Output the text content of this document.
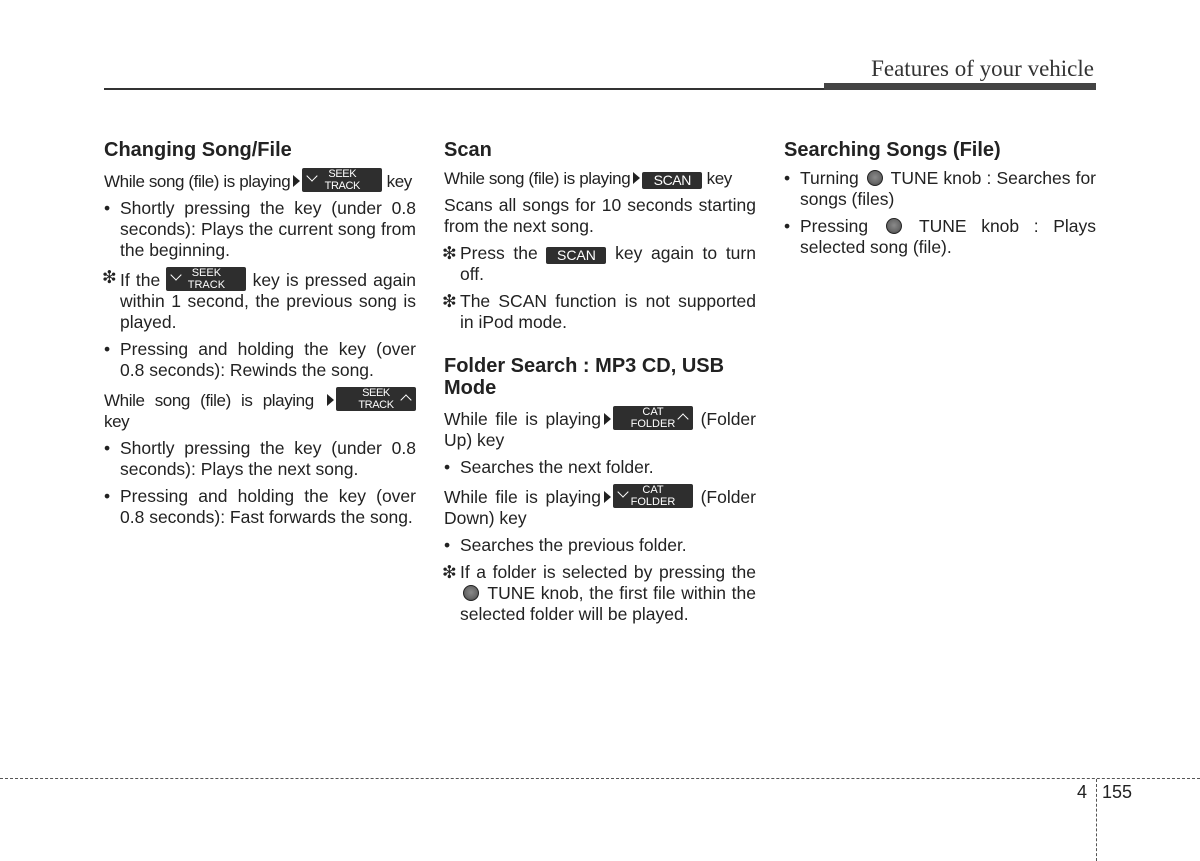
Features of your vehicle
Changing Song/File

While song (file) is playing	SEEK
TRACK	key

• Shortly pressing the key (under 0.8 seconds): Plays the current song from the beginning.
❇ If the	SEEK
TRACK	key is pressed again within 1 second, the previous song is played.
• Pressing and holding the key (over 0.8 seconds): Rewinds the song.

While song (file) is playing	SEEK
TRACK
key

• Shortly pressing the key (under 0.8 seconds): Plays the next song.
• Pressing and holding the key (over 0.8 seconds): Fast forwards the song.
Scan

While song (file) is playing SCAN key

Scans all songs for 10 seconds starting from the next song.

❇ Press the SCAN key again to turn off.
❇ The SCAN function is not supported in iPod mode.
Folder Search : MP3 CD, USB Mode

While file is playing	CAT
FOLDER	(Folder Up) key

• Searches the next folder.

While file is playing	CAT
FOLDER	(Folder Down) key

• Searches the previous folder.
❇ If a folder is selected by pressing the  TUNE knob, the first file within the selected folder will be played.
Searching Songs (File)
• Turning TUNE knob : Searches for songs (files)
• Pressing	TUNE knob : Plays selected song (file).
4 155
